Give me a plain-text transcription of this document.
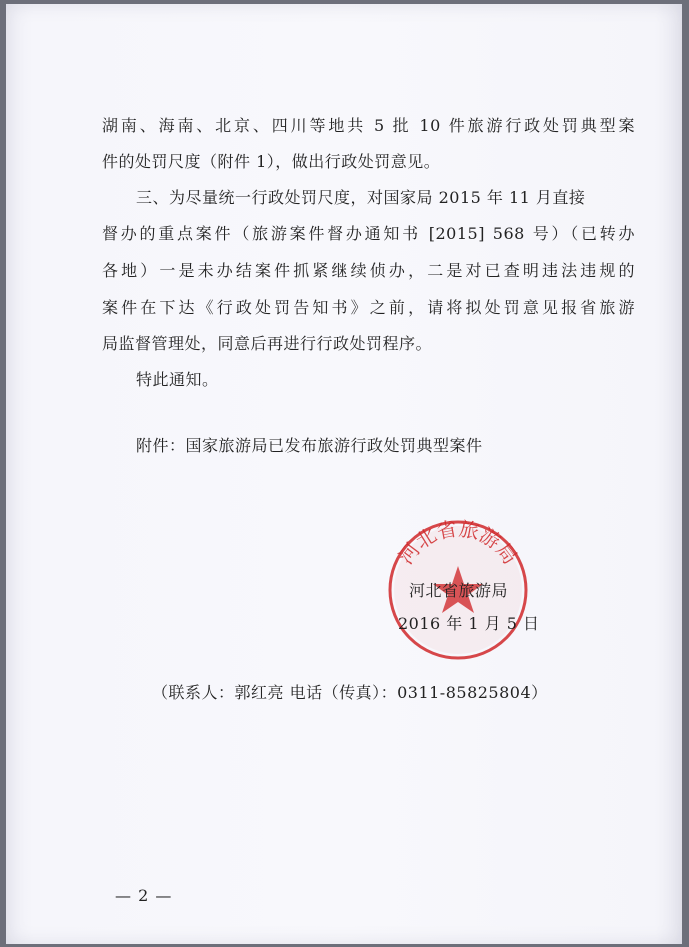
湖南、海南、北京、四川等地共 5 批 10 件旅游行政处罚典型案
件的处罚尺度（附件 1），做出行政处罚意见。
三、为尽量统一行政处罚尺度，对国家局 2015 年 11 月直接
督办的重点案件（旅游案件督办通知书 [2015] 568 号）（已转办
各地）一是未办结案件抓紧继续侦办，二是对已查明违法违规的
案件在下达《行政处罚告知书》之前，请将拟处罚意见报省旅游
局监督管理处，同意后再进行行政处罚程序。
特此通知。
附件：国家旅游局已发布旅游行政处罚典型案件
河北省旅游局
河北省旅游局
2016 年 1 月 5 日
（联系人：郭红亮 电话（传真）：0311-85825804）
— 2 —
